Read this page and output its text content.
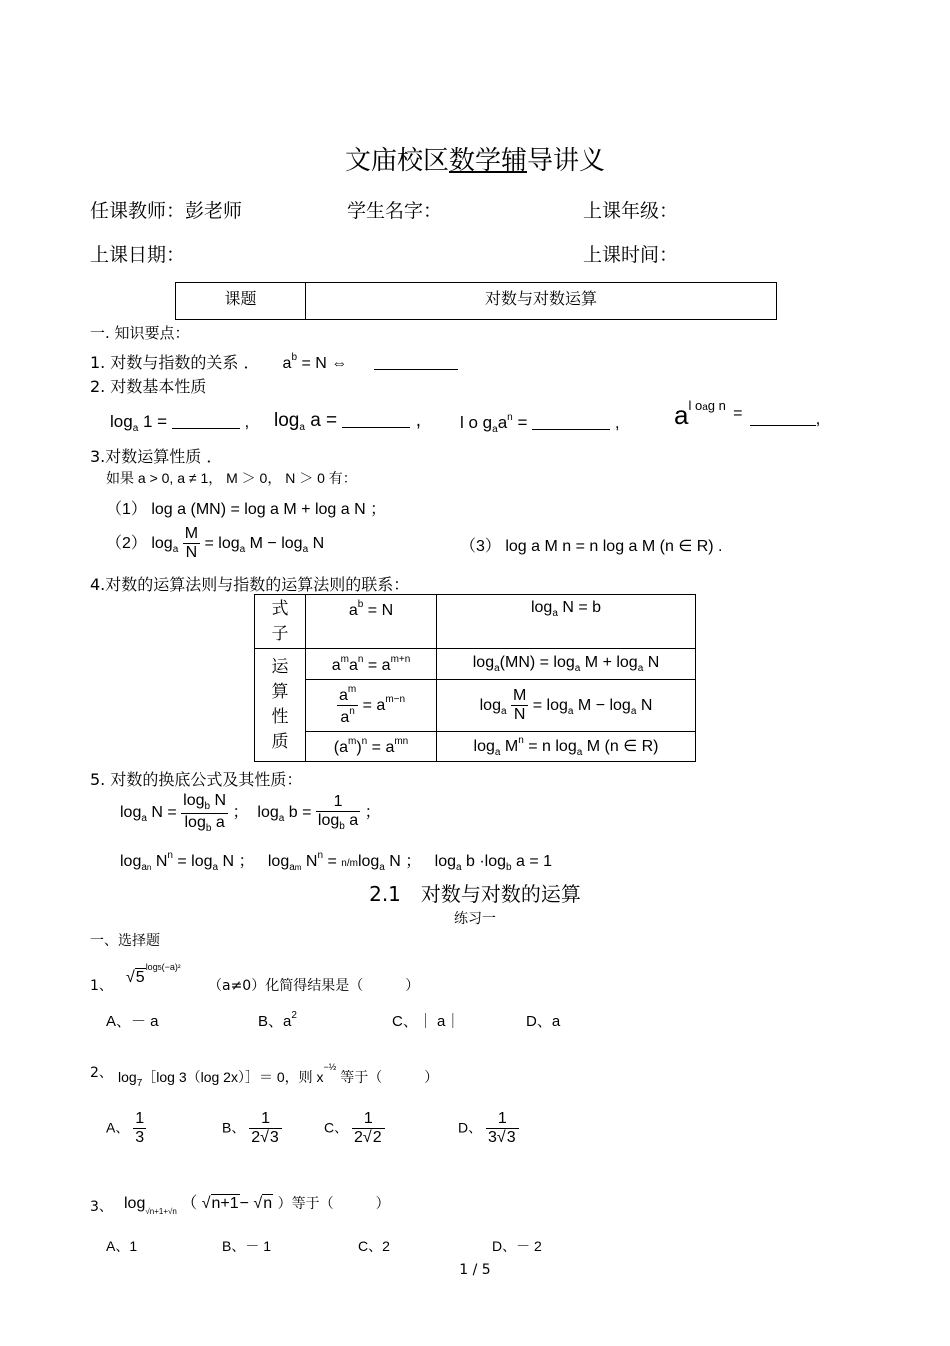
文庙校区数学辅导讲义
任课教师：彭老师	学生名字：	上课年级：
上课日期：	上课时间：
课题	对数与对数运算
一. 知识要点：
1. 对数与指数的关系 ． $a^b = N$ ⇔
2. 对数基本性质
$\log_a 1$ =	, $\log_a a$ =	, l o $g_aa^n$ =	, $a^{l oag n}$ =	,
3.对数运算性质 ．
如果 a > 0, a ≠ 1， M ＞ 0， N ＞ 0 有：
（1） log a (MN) = log a M + log a N ；
（2） $\log_a \frac{M}{N} = \log_a M - \log_a N$	（3） log a M n = n log a M (n ∈ R) .
4.对数的运算法则与指数的运算法则的联系：
式子	$a^b = N$	$\log_a N = b$

运算性质	$a^ma^n = a^{m+n}$	$\log_a(MN) = \log_a M + \log_a N$

	$\frac{a^m}{a^n} = a^{m-n}$	$\log_a \frac{M}{N} = \log_a M - \log_a N$
	$(a^m)^n = a^{mn}$	$\log_a M^n = n$ $\log_a M$ (n ∈ R)
5. 对数的换底公式及其性质：
$\log_a N = \frac{\log_b N}{\log_b a}$ ；  $\log_a b = \frac{1}{\log_b a}$ ；
$\log_{an} N^n = \log_a N$ ；   $\log_{am} N^n = n/mlog_a$ N ；   $\log_a b \cdot\log_b$ a = 1
2.1　对数与对数的运算
练习一
一、选择题
1、 $√5^{log5(-a)^2}$
（a≠0）化简得结果是（　　　）
A、－ a	B、$a^2$	C、｜ a｜	D、a
2、 $\log_7[\log$ 3（log 2x）］＝ 0，则 $x^{-\frac{1}{2}}$ 等于（　　　）
A、 $\frac{1}{3}$	B、 $\frac{1}{2√3}$	C、 $\frac{1}{2√2}$	D、 $\frac{1}{3√3}$
3、 $\log_{√n+1+√n}$ （ √n+1− √n ）等于（　　　）
A、1	B、－ 1	C、2	D、－ 2
1 / 5
